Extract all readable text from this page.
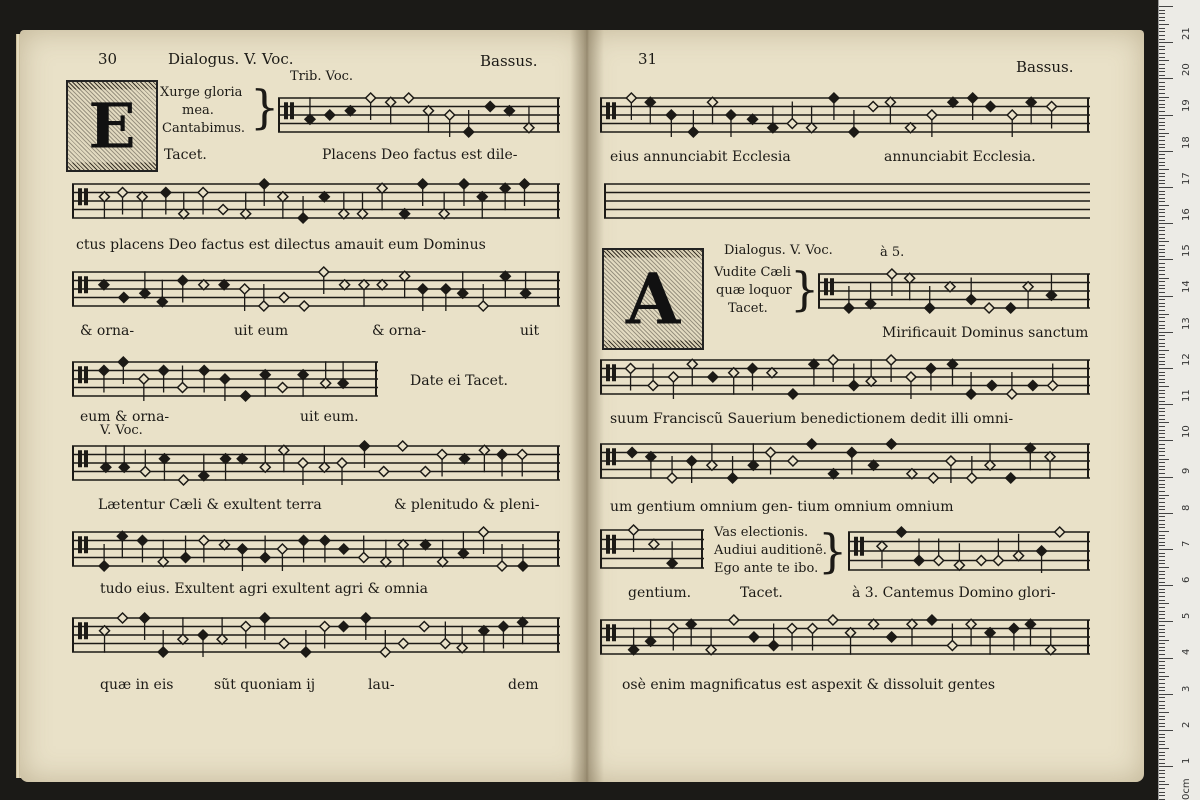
30	Dialogus. V. Voc.	Bassus.
E	Xurge gloria
mea.
Cantabimus. }
Trib. Voc.
Tacet.	Placens Deo factus est dile-
ctus placens Deo factus est dilectus amauit eum Dominus
& orna-	uit eum	& orna-	uit
Date ei Tacet.
eum & orna-	uit eum.
V. Voc.
Lætentur Cæli & exultent terra	& plenitudo & pleni-
tudo eius. Exultent agri exultent agri & omnia
quæ in eis	sũt quoniam ij	lau-	dem
31	Bassus.
eius annunciabit Ecclesia	annunciabit Ecclesia.
A
Dialogus. V. Voc.	à 5.
Vudite Cæli
quæ loquor
Tacet. }
Mirificauit Dominus sanctum
suum Franciscũ Sauerium benedictionem dedit illi omni-
um gentium omnium gen- tium omnium omnium
Vas electionis.
Audiui auditionẽ.
Ego ante te ibo. }
gentium.	Tacet.	à 3. Cantemus Domino glori-
osè enim magnificatus est aspexit & dissoluit gentes
21
20
19
18
17
16
15
14
13
12
11
10
9
8
7
6
5
4
3
2
1
0cm
